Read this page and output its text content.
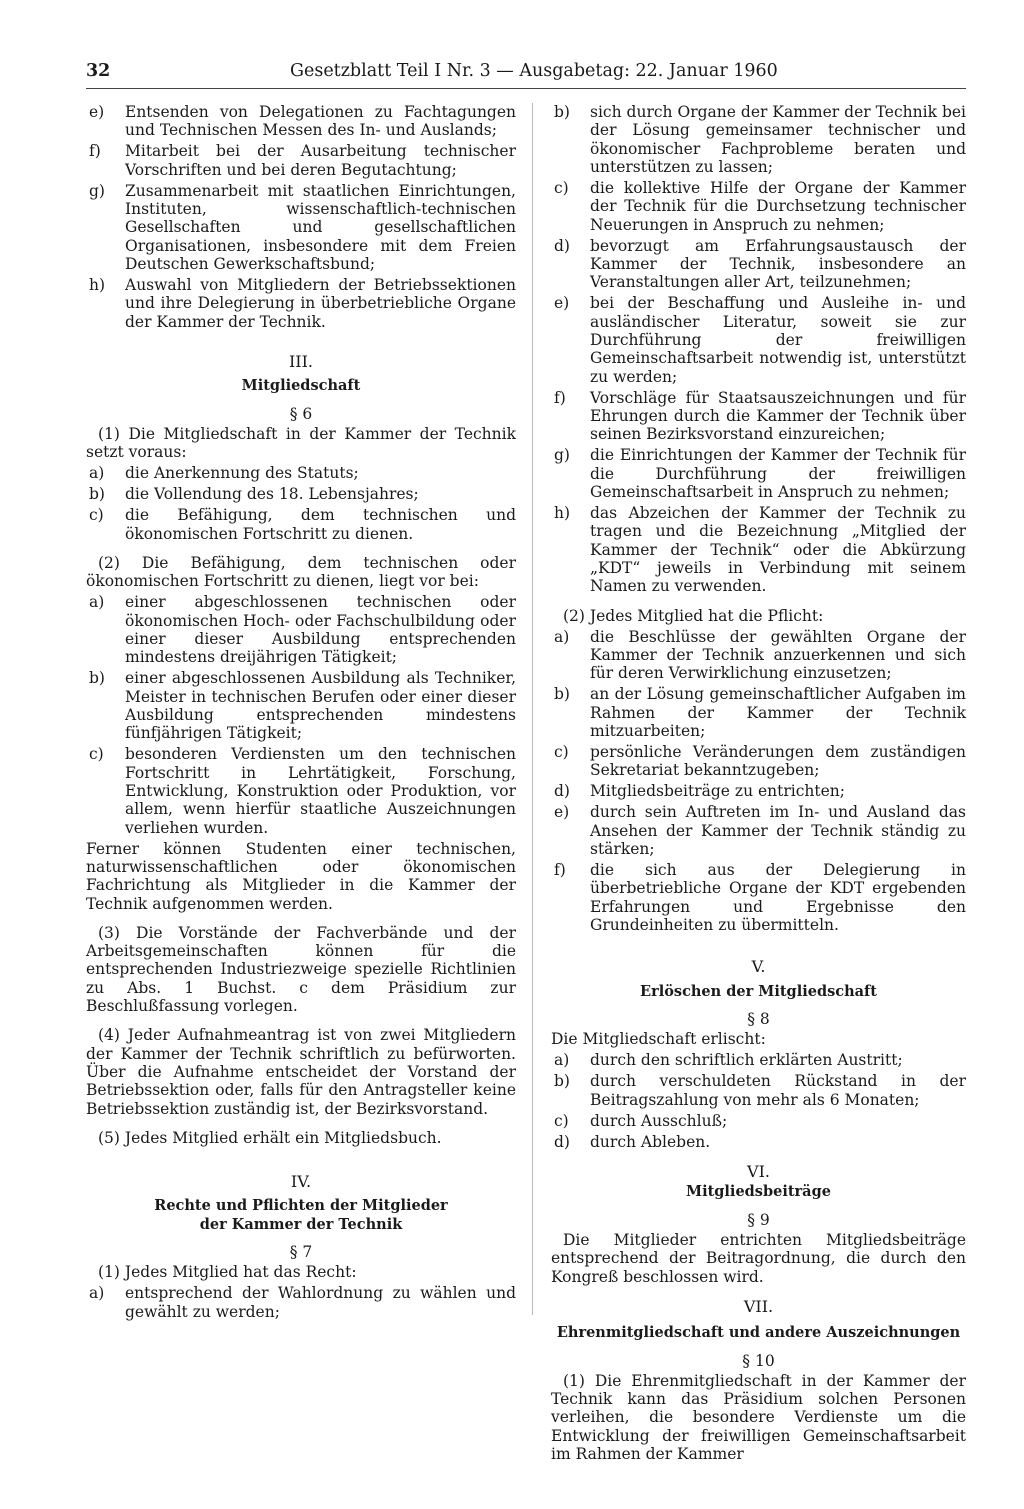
32	Gesetzblatt Teil I Nr. 3 — Ausgabetag: 22. Januar 1960
e) Entsenden von Delegationen zu Fachtagungen und Technischen Messen des In- und Auslands;

f) Mitarbeit bei der Ausarbeitung technischer Vorschriften und bei deren Begutachtung;

g) Zusammenarbeit mit staatlichen Einrichtungen, Instituten, wissenschaftlich-technischen Gesellschaften und gesellschaftlichen Organisationen, insbesondere mit dem Freien Deutschen Gewerkschaftsbund;

h) Auswahl von Mitgliedern der Betriebssektionen und ihre Delegierung in überbetriebliche Organe der Kammer der Technik.

III.
Mitgliedschaft
§ 6

(1) Die Mitgliedschaft in der Kammer der Technik setzt voraus:

a) die Anerkennung des Statuts;

b) die Vollendung des 18. Lebensjahres;

c) die Befähigung, dem technischen und ökonomischen Fortschritt zu dienen.

(2) Die Befähigung, dem technischen oder ökonomischen Fortschritt zu dienen, liegt vor bei:

a) einer abgeschlossenen technischen oder ökonomischen Hoch- oder Fachschulbildung oder einer dieser Ausbildung entsprechenden mindestens dreijährigen Tätigkeit;

b) einer abgeschlossenen Ausbildung als Techniker, Meister in technischen Berufen oder einer dieser Ausbildung entsprechenden mindestens fünfjährigen Tätigkeit;

c) besonderen Verdiensten um den technischen Fortschritt in Lehrtätigkeit, Forschung, Entwicklung, Konstruktion oder Produktion, vor allem, wenn hierfür staatliche Auszeichnungen verliehen wurden.

Ferner können Studenten einer technischen, naturwissenschaftlichen oder ökonomischen Fachrichtung als Mitglieder in die Kammer der Technik aufgenommen werden.

(3) Die Vorstände der Fachverbände und der Arbeitsgemeinschaften können für die entsprechenden Industriezweige spezielle Richtlinien zu Abs. 1 Buchst. c dem Präsidium zur Beschlußfassung vorlegen.

(4) Jeder Aufnahmeantrag ist von zwei Mitgliedern der Kammer der Technik schriftlich zu befürworten. Über die Aufnahme entscheidet der Vorstand der Betriebssektion oder, falls für den Antragsteller keine Betriebssektion zuständig ist, der Bezirksvorstand.

(5) Jedes Mitglied erhält ein Mitgliedsbuch.

IV.
Rechte und Pflichten der Mitglieder
der Kammer der Technik
§ 7

(1) Jedes Mitglied hat das Recht:

a) entsprechend der Wahlordnung zu wählen und gewählt zu werden;

b) sich durch Organe der Kammer der Technik bei der Lösung gemeinsamer technischer und ökonomischer Fachprobleme beraten und unterstützen zu lassen;

c) die kollektive Hilfe der Organe der Kammer der Technik für die Durchsetzung technischer Neuerungen in Anspruch zu nehmen;

d) bevorzugt am Erfahrungsaustausch der Kammer der Technik, insbesondere an Veranstaltungen aller Art, teilzunehmen;

e) bei der Beschaffung und Ausleihe in- und ausländischer Literatur, soweit sie zur Durchführung der freiwilligen Gemeinschaftsarbeit notwendig ist, unterstützt zu werden;

f) Vorschläge für Staatsauszeichnungen und für Ehrungen durch die Kammer der Technik über seinen Bezirksvorstand einzureichen;

g) die Einrichtungen der Kammer der Technik für die Durchführung der freiwilligen Gemeinschaftsarbeit in Anspruch zu nehmen;

h) das Abzeichen der Kammer der Technik zu tragen und die Bezeichnung „Mitglied der Kammer der Technik“ oder die Abkürzung „KDT“ jeweils in Verbindung mit seinem Namen zu verwenden.

(2) Jedes Mitglied hat die Pflicht:

a) die Beschlüsse der gewählten Organe der Kammer der Technik anzuerkennen und sich für deren Verwirklichung einzusetzen;

b) an der Lösung gemeinschaftlicher Aufgaben im Rahmen der Kammer der Technik mitzuarbeiten;

c) persönliche Veränderungen dem zuständigen Sekretariat bekanntzugeben;

d) Mitgliedsbeiträge zu entrichten;

e) durch sein Auftreten im In- und Ausland das Ansehen der Kammer der Technik ständig zu stärken;

f) die sich aus der Delegierung in überbetriebliche Organe der KDT ergebenden Erfahrungen und Ergebnisse den Grundeinheiten zu übermitteln.

V.
Erlöschen der Mitgliedschaft
§ 8

Die Mitgliedschaft erlischt:

a) durch den schriftlich erklärten Austritt;

b) durch verschuldeten Rückstand in der Beitragszahlung von mehr als 6 Monaten;

c) durch Ausschluß;

d) durch Ableben.

VI.
Mitgliedsbeiträge
§ 9

Die Mitglieder entrichten Mitgliedsbeiträge entsprechend der Beitragordnung, die durch den Kongreß beschlossen wird.

VII.
Ehrenmitgliedschaft und andere Auszeichnungen
§ 10

(1) Die Ehrenmitgliedschaft in der Kammer der Technik kann das Präsidium solchen Personen verleihen, die besondere Verdienste um die Entwicklung der freiwilligen Gemeinschaftsarbeit im Rahmen der Kammer
